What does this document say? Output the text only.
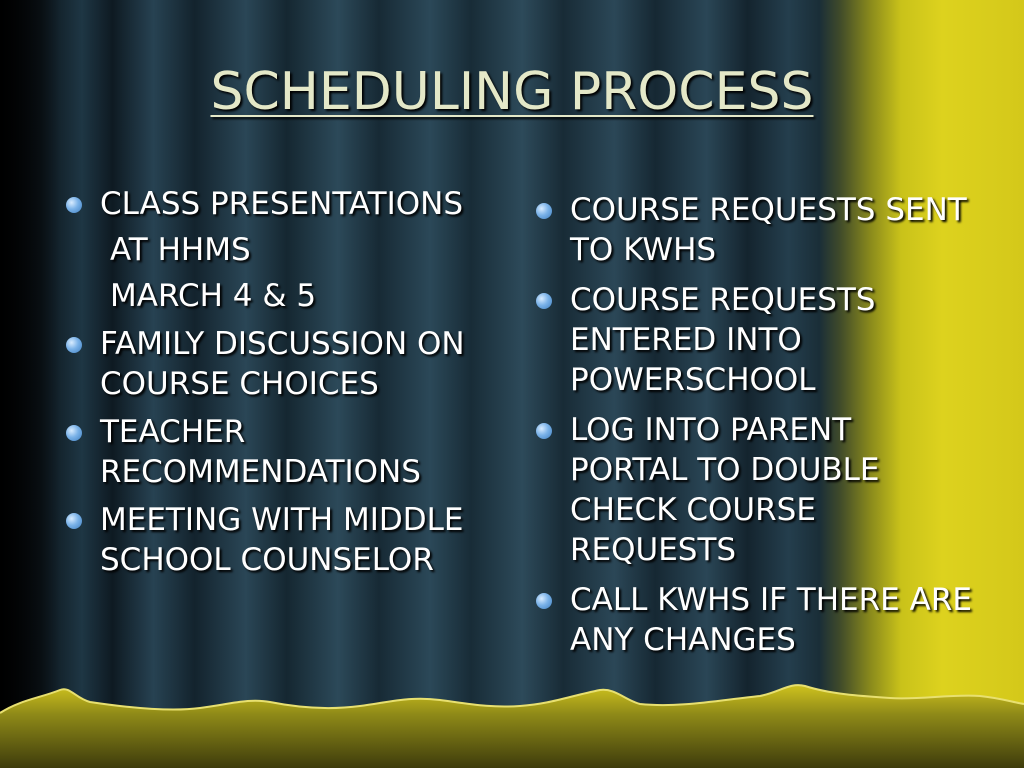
SCHEDULING PROCESS
CLASS PRESENTATIONS
AT HHMS
MARCH 4 & 5
FAMILY DISCUSSION ON COURSE CHOICES
TEACHER RECOMMENDATIONS
MEETING WITH MIDDLE SCHOOL COUNSELOR
COURSE REQUESTS SENT TO KWHS
COURSE REQUESTS ENTERED INTO POWERSCHOOL
LOG INTO PARENT PORTAL TO DOUBLE CHECK COURSE REQUESTS
CALL KWHS IF THERE ARE ANY CHANGES
